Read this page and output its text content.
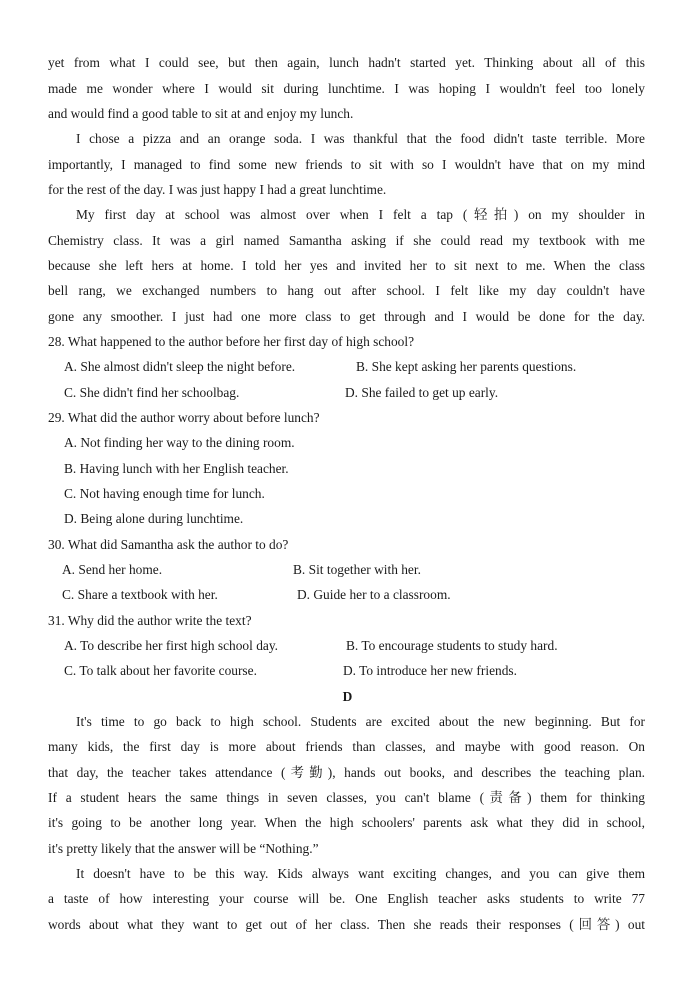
yet from what I could see, but then again, lunch hadn't started yet. Thinking about all of this
made me wonder where I would sit during lunchtime. I was hoping I wouldn't feel too lonely
and would find a good table to sit at and enjoy my lunch.
I chose a pizza and an orange soda. I was thankful that the food didn't taste terrible. More
importantly, I managed to find some new friends to sit with so I wouldn't have that on my mind
for the rest of the day. I was just happy I had a great lunchtime.
My first day at school was almost over when I felt a tap (轻拍) on my shoulder in
Chemistry class. It was a girl named Samantha asking if she could read my textbook with me
because she left hers at home. I told her yes and invited her to sit next to me. When the class
bell rang, we exchanged numbers to hang out after school. I felt like my day couldn't have
gone any smoother. I just had one more class to get through and I would be done for the day.
28. What happened to the author before her first day of high school?
A. She almost didn't sleep the night before.	B. She kept asking her parents questions.
C. She didn't find her schoolbag.	D. She failed to get up early.
29. What did the author worry about before lunch?
A. Not finding her way to the dining room.
B. Having lunch with her English teacher.
C. Not having enough time for lunch.
D. Being alone during lunchtime.
30. What did Samantha ask the author to do?
A. Send her home.	B. Sit together with her.
C. Share a textbook with her.	D. Guide her to a classroom.
31. Why did the author write the text?
A. To describe her first high school day.	B. To encourage students to study hard.
C. To talk about her favorite course.	D. To introduce her new friends.
D
It's time to go back to high school. Students are excited about the new beginning. But for
many kids, the first day is more about friends than classes, and maybe with good reason. On
that day, the teacher takes attendance (考勤), hands out books, and describes the teaching plan.
If a student hears the same things in seven classes, you can't blame (责备) them for thinking
it's going to be another long year. When the high schoolers' parents ask what they did in school,
it's pretty likely that the answer will be “Nothing.”
It doesn't have to be this way. Kids always want exciting changes, and you can give them
a taste of how interesting your course will be. One English teacher asks students to write 77
words about what they want to get out of her class. Then she reads their responses (回答) out
